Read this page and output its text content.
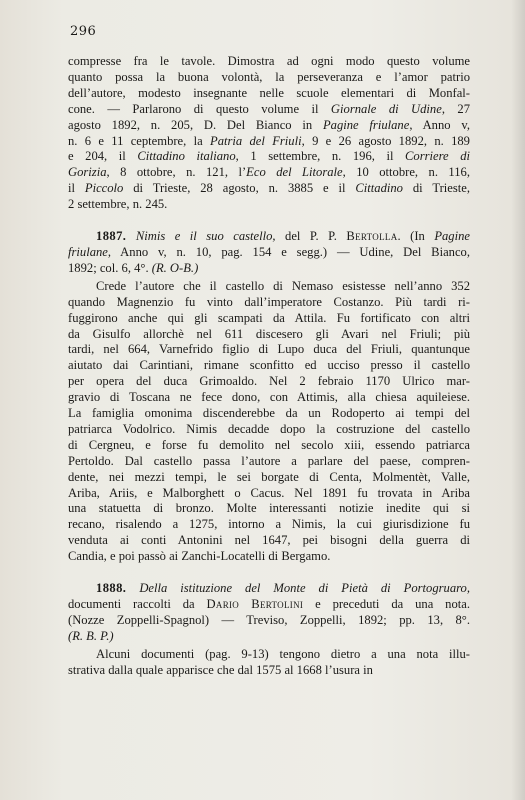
296
compresse fra le tavole. Dimostra ad ogni modo questo volume
quanto possa la buona volontà, la perseveranza e l’amor patrio
dell’autore, modesto insegnante nelle scuole elementari di Monfal-
cone. — Parlarono di questo volume il Giornale di Udine, 27
agosto 1892, n. 205, D. Del Bianco in Pagine friulane, Anno v,
n. 6 e 11 ceptembre, la Patria del Friuli, 9 e 26 agosto 1892, n. 189
e 204, il Cittadino italiano, 1 settembre, n. 196, il Corriere di
Gorizia, 8 ottobre, n. 121, l’Eco del Litorale, 10 ottobre, n. 116,
il Piccolo di Trieste, 28 agosto, n. 3885 e il Cittadino di Trieste,
2 settembre, n. 245.
1887. Nimis e il suo castello, del P. P. Bertolla. (In Pagine
friulane, Anno v, n. 10, pag. 154 e segg.) — Udine, Del Bianco,
1892; col. 6, 4°. (R. O-B.)
Crede l’autore che il castello di Nemaso esistesse nell’anno 352
quando Magnenzio fu vinto dall’imperatore Costanzo. Più tardi ri-
fuggirono anche qui gli scampati da Attila. Fu fortificato con altri
da Gisulfo allorchè nel 611 discesero gli Avari nel Friuli; più
tardi, nel 664, Varnefrido figlio di Lupo duca del Friuli, quantunque
aiutato dai Carintiani, rimane sconfitto ed ucciso presso il castello
per opera del duca Grimoaldo. Nel 2 febraio 1170 Ulrico mar-
gravio di Toscana ne fece dono, con Attimis, alla chiesa aquileiese.
La famiglia omonima discenderebbe da un Rodoperto ai tempi del
patriarca Vodolrico. Nimis decadde dopo la costruzione del castello
di Cergneu, e forse fu demolito nel secolo xiii, essendo patriarca
Pertoldo. Dal castello passa l’autore a parlare del paese, compren-
dente, nei mezzi tempi, le sei borgate di Centa, Molmentèt, Valle,
Ariba, Ariis, e Malborghett o Cacus. Nel 1891 fu trovata in Ariba
una statuetta di bronzo. Molte interessanti notizie inedite qui si
recano, risalendo a 1275, intorno a Nimis, la cui giurisdizione fu
venduta ai conti Antonini nel 1647, pei bisogni della guerra di
Candia, e poi passò ai Zanchi-Locatelli di Bergamo.
1888. Della istituzione del Monte di Pietà di Portogruaro,
documenti raccolti da Dario Bertolini e preceduti da una nota.
(Nozze Zoppelli-Spagnol) — Treviso, Zoppelli, 1892; pp. 13, 8°.
(R. B. P.)
Alcuni documenti (pag. 9-13) tengono dietro a una nota illu-
strativa dalla quale apparisce che dal 1575 al 1668 l’usura in
